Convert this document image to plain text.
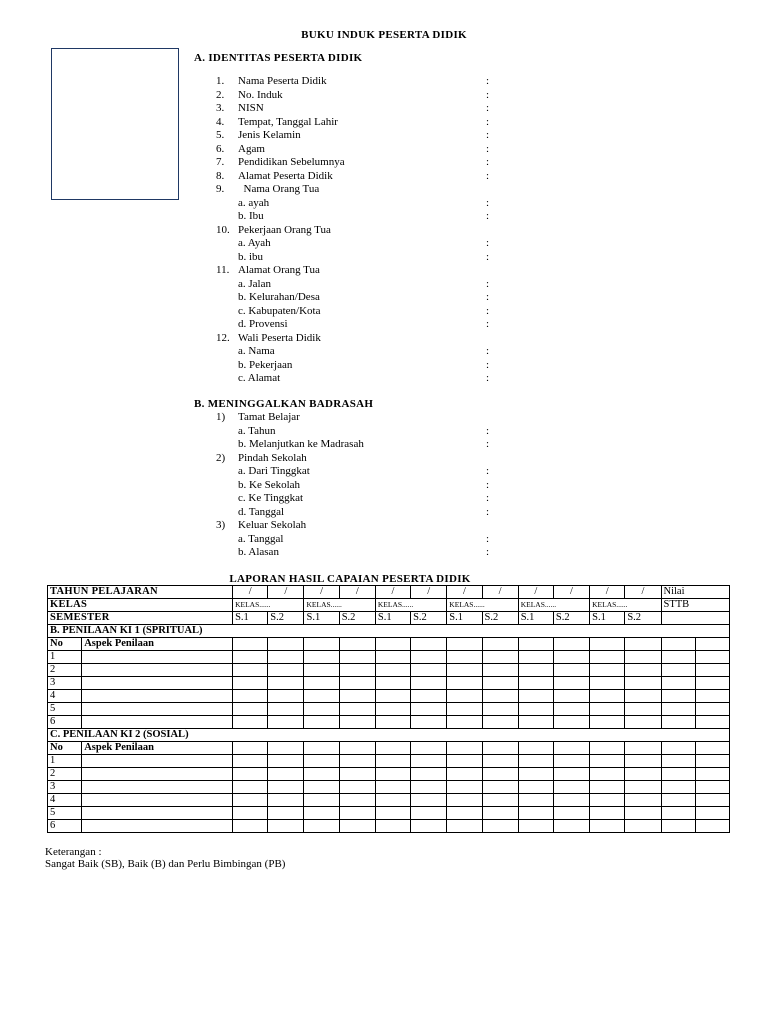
BUKU INDUK PESERTA DIDIK
A. IDENTITAS PESERTA DIDIK
1. Nama Peserta Didik	:
2. No. Induk	:
3. NISN	:
4. Tempat, Tanggal Lahir	:
5. Jenis Kelamin	:
6. Agam	:
7. Pendidikan Sebelumnya	:
8. Alamat Peserta Didik	:
9. Nama Orang Tua
a. ayah	:
b. Ibu	:
10. Pekerjaan Orang Tua
a. Ayah	:
b. ibu	:
11. Alamat Orang Tua
a. Jalan	:
b. Kelurahan/Desa	:
c. Kabupaten/Kota	:
d. Provensi	:
12. Wali Peserta Didik
a. Nama	:
b. Pekerjaan	:
c. Alamat	:
B. MENINGGALKAN BADRASAH
1) Tamat Belajar
a. Tahun	:
b. Melanjutkan ke Madrasah	:
2) Pindah Sekolah
a. Dari Tinggkat	:
b. Ke Sekolah	:
c. Ke Tinggkat	:
d. Tanggal	:
3) Keluar Sekolah
a. Tanggal	:
b. Alasan	:
LAPORAN HASIL CAPAIAN PESERTA DIDIK
TAHUN PELAJARAN		/	/	/	/	/	/	/	/	/	/	/	/	Nilai	
KELAS		KELAS......		KELAS......		KELAS......		KELAS......		KELAS......		KELAS......		STTB	
SEMESTER		S.1	S.2	S.1	S.2	S.1	S.2	S.1	S.2	S.1	S.2	S.1	S.2		
B. PENILAAN KI 1 (SPRITUAL)															
No	Aspek Penilaan														
1															
2															
3															
4															
5															
6															
C. PENILAAN KI 2 (SOSIAL)															
No	Aspek Penilaan														
1															
2															
3															
4															
5															
6															
Keterangan :
Sangat Baik (SB), Baik (B) dan Perlu Bimbingan (PB)
